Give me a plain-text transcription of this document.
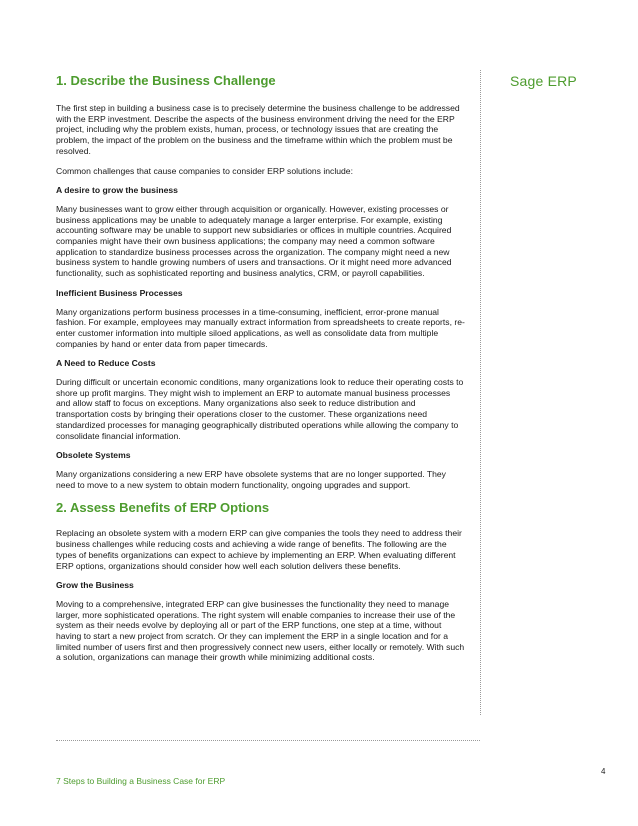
Sage ERP
1. Describe the Business Challenge

The first step in building a business case is to precisely determine the business challenge to be addressed with the ERP investment. Describe the aspects of the business environment driving the need for the ERP project, including why the problem exists, human, process, or technology issues that are creating the problem, the impact of the problem on the business and the timeframe within which the problem must be resolved.

Common challenges that cause companies to consider ERP solutions include:

A desire to grow the business

Many businesses want to grow either through acquisition or organically. However, existing processes or business applications may be unable to adequately manage a larger enterprise. For example, existing accounting software may be unable to support new subsidiaries or offices in multiple countries. Acquired companies might have their own business applications; the company may need a common software application to standardize business processes across the organization. The company might need a new business system to handle growing numbers of users and transactions. Or it might need more advanced functionality, such as sophisticated reporting and business analytics, CRM, or payroll capabilities.

Inefficient Business Processes

Many organizations perform business processes in a time-consuming, inefficient, error-prone manual fashion. For example, employees may manually extract information from spreadsheets to create reports, re-enter customer information into multiple siloed applications, as well as consolidate data from multiple companies by hand or enter data from paper timecards.

A Need to Reduce Costs

During difficult or uncertain economic conditions, many organizations look to reduce their operating costs to shore up profit margins. They might wish to implement an ERP to automate manual business processes and allow staff to focus on exceptions. Many organizations also seek to reduce distribution and transportation costs by bringing their operations closer to the customer. These organizations need standardized processes for managing geographically distributed operations while allowing the company to consolidate financial information.

Obsolete Systems

Many organizations considering a new ERP have obsolete systems that are no longer supported. They need to move to a new system to obtain modern functionality, ongoing upgrades and support.

2. Assess Benefits of ERP Options

Replacing an obsolete system with a modern ERP can give companies the tools they need to address their business challenges while reducing costs and achieving a wide range of benefits. The following are the types of benefits organizations can expect to achieve by implementing an ERP. When evaluating different ERP options, organizations should consider how well each solution delivers these benefits.

Grow the Business

Moving to a comprehensive, integrated ERP can give businesses the functionality they need to manage larger, more sophisticated operations. The right system will enable companies to increase their use of the system as their needs evolve by deploying all or part of the ERP functions, one step at a time, without having to start a new project from scratch. Or they can implement the ERP in a single location and for a limited number of users first and then progressively connect new users, either locally or remotely. With such a solution, organizations can manage their growth while minimizing additional costs.

4
7 Steps to Building a Business Case for ERP
